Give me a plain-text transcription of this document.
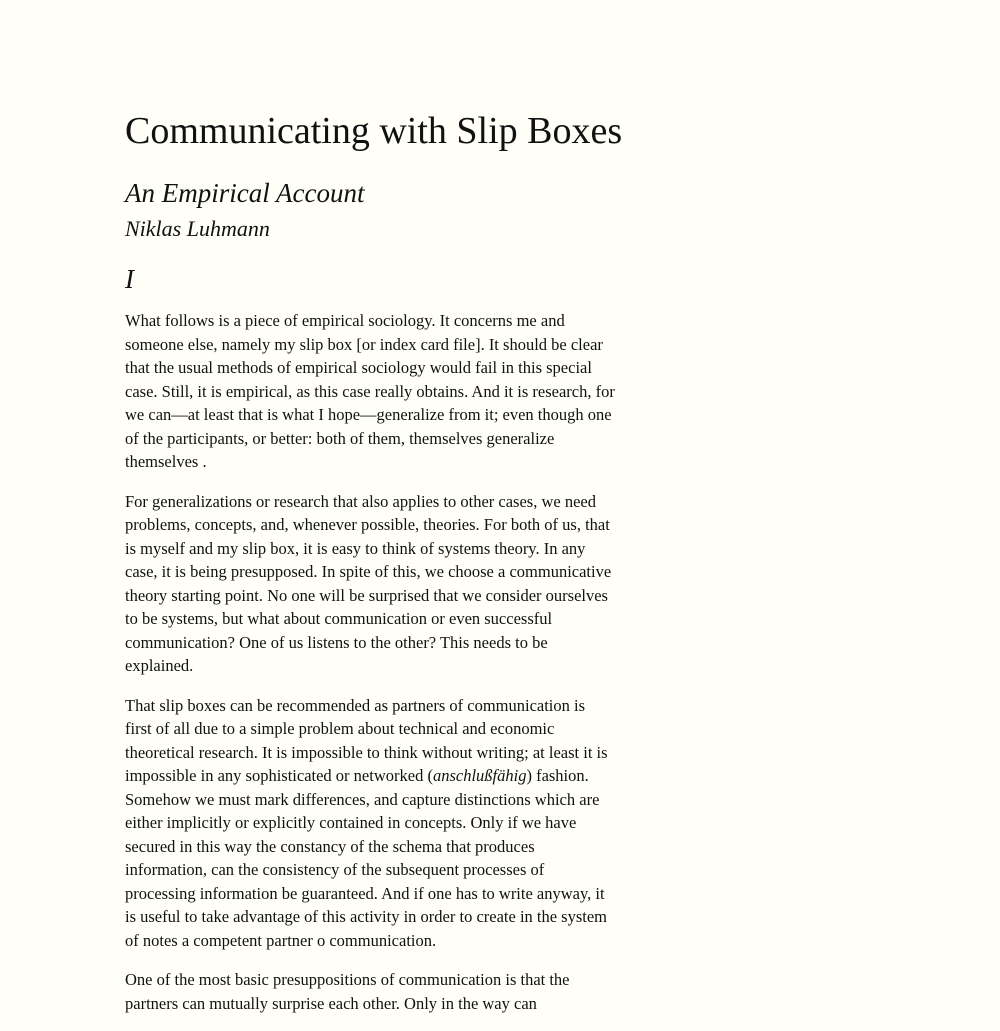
Communicating with Slip Boxes
An Empirical Account
Niklas Luhmann
I

What follows is a piece of empirical sociology. It concerns me and someone else, namely my slip box [or index card file]. It should be clear that the usual methods of empirical sociology would fail in this special case. Still, it is empirical, as this case really obtains. And it is research, for we can—at least that is what I hope—generalize from it; even though one of the participants, or better: both of them, themselves generalize themselves .

For generalizations or research that also applies to other cases, we need problems, concepts, and, whenever possible, theories. For both of us, that is myself and my slip box, it is easy to think of systems theory. In any case, it is being presupposed. In spite of this, we choose a communicative theory starting point. No one will be surprised that we consider ourselves to be systems, but what about communication or even successful communication? One of us listens to the other? This needs to be explained.

That slip boxes can be recommended as partners of communication is first of all due to a simple problem about technical and economic theoretical research. It is impossible to think without writing; at least it is impossible in any sophisticated or networked (anschlußfähig) fashion. Somehow we must mark differences, and capture distinctions which are either implicitly or explicitly contained in concepts. Only if we have secured in this way the constancy of the schema that produces information, can the consistency of the subsequent processes of processing information be guaranteed. And if one has to write anyway, it is useful to take advantage of this activity in order to create in the system of notes a competent partner o communication.

One of the most basic presuppositions of communication is that the partners can mutually surprise each other. Only in the way can
